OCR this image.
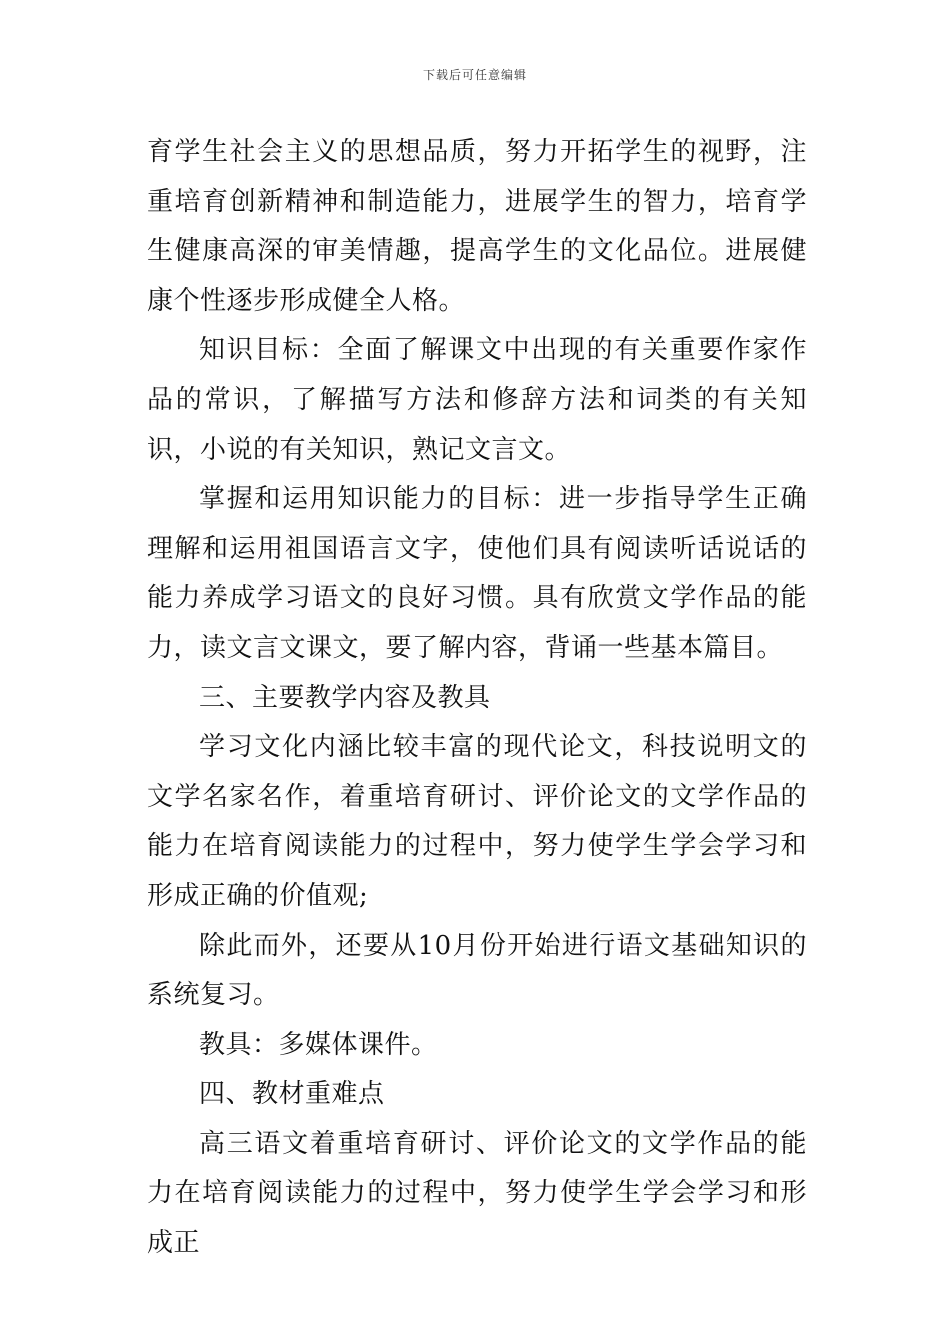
下载后可任意编辑

育学生社会主义的思想品质，努力开拓学生的视野，注重培育创新精神和制造能力，进展学生的智力，培育学生健康高深的审美情趣，提高学生的文化品位。进展健康个性逐步形成健全人格。

知识目标：全面了解课文中出现的有关重要作家作品的常识，了解描写方法和修辞方法和词类的有关知识，小说的有关知识，熟记文言文。

掌握和运用知识能力的目标：进一步指导学生正确理解和运用祖国语言文字，使他们具有阅读听话说话的能力养成学习语文的良好习惯。具有欣赏文学作品的能力，读文言文课文，要了解内容，背诵一些基本篇目。

三、主要教学内容及教具

学习文化内涵比较丰富的现代论文，科技说明文的文学名家名作，着重培育研讨、评价论文的文学作品的能力在培育阅读能力的过程中，努力使学生学会学习和形成正确的价值观;

除此而外，还要从10月份开始进行语文基础知识的系统复习。

教具：多媒体课件。

四、教材重难点

高三语文着重培育研讨、评价论文的文学作品的能力在培育阅读能力的过程中，努力使学生学会学习和形成正
